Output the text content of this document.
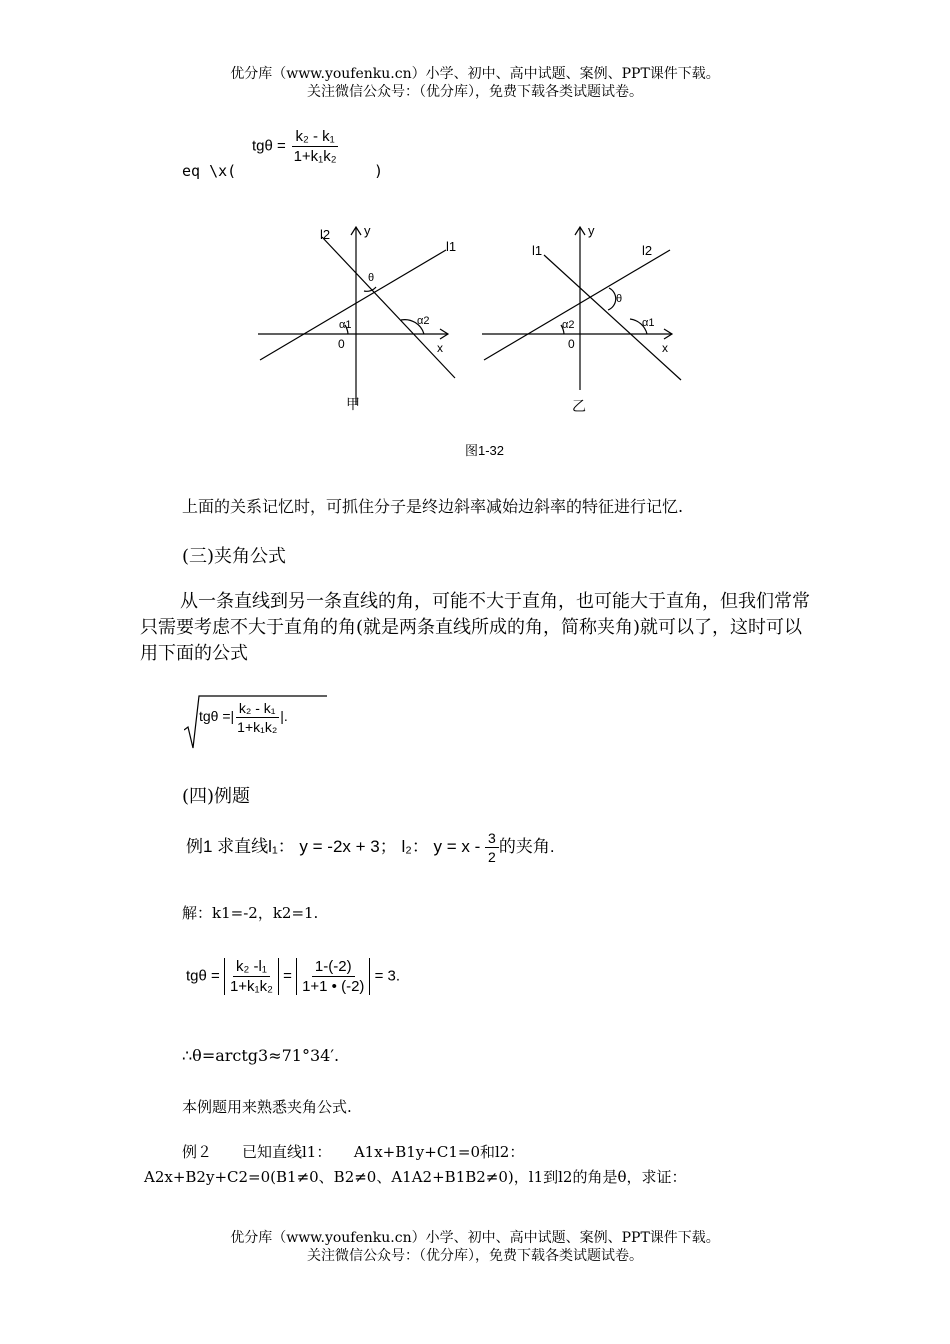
优分库（www.youfenku.cn）小学、初中、高中试题、案例、PPT课件下载。
关注微信公众号：（优分库），免费下载各类试题试卷。
$tg\theta = \frac{\text{k₂ - k₁}}{\text{1+k₁k₂}}$
eq \x(	)
l2	y
l1
θ
α1	α2
0	x
甲
l1
y
l2
θ
α2	α1
0	x
乙
图1-32
上面的关系记忆时，可抓住分子是终边斜率减始边斜率的特征进行记忆.
(三)夹角公式
从一条直线到另一条直线的角，可能不大于直角，也可能大于直角，但我们常常只需要考虑不大于直角的角(就是两条直线所成的角，简称夹角)就可以了，这时可以用下面的公式
tgθ =| $\frac{\text{k₂ - k₁}}{\text{1+k₁k₂}}$ |.
(四)例题
例1 求直线l₁： y = -2x + 3； l₂： $y = x - \frac{3}{2}$ 的夹角.
解：k1=-2，k2=1.
$tg\theta = \frac{\text{k₂ -l₁}}{\text{1+k₁k₂}} = \frac{1-(-2)}{1+1 • (-2)} = 3$.
∴θ=arctg3≈71°34′.
本例题用来熟悉夹角公式.
例２　　已知直线l1：　　A1x+B1y+C1=0和l2：
A2x+B2y+C2=0(B1≠0、B2≠0、A1A2+B1B2≠0)，l1到l2的角是θ，求证：
优分库（www.youfenku.cn）小学、初中、高中试题、案例、PPT课件下载。
关注微信公众号：（优分库），免费下载各类试题试卷。
